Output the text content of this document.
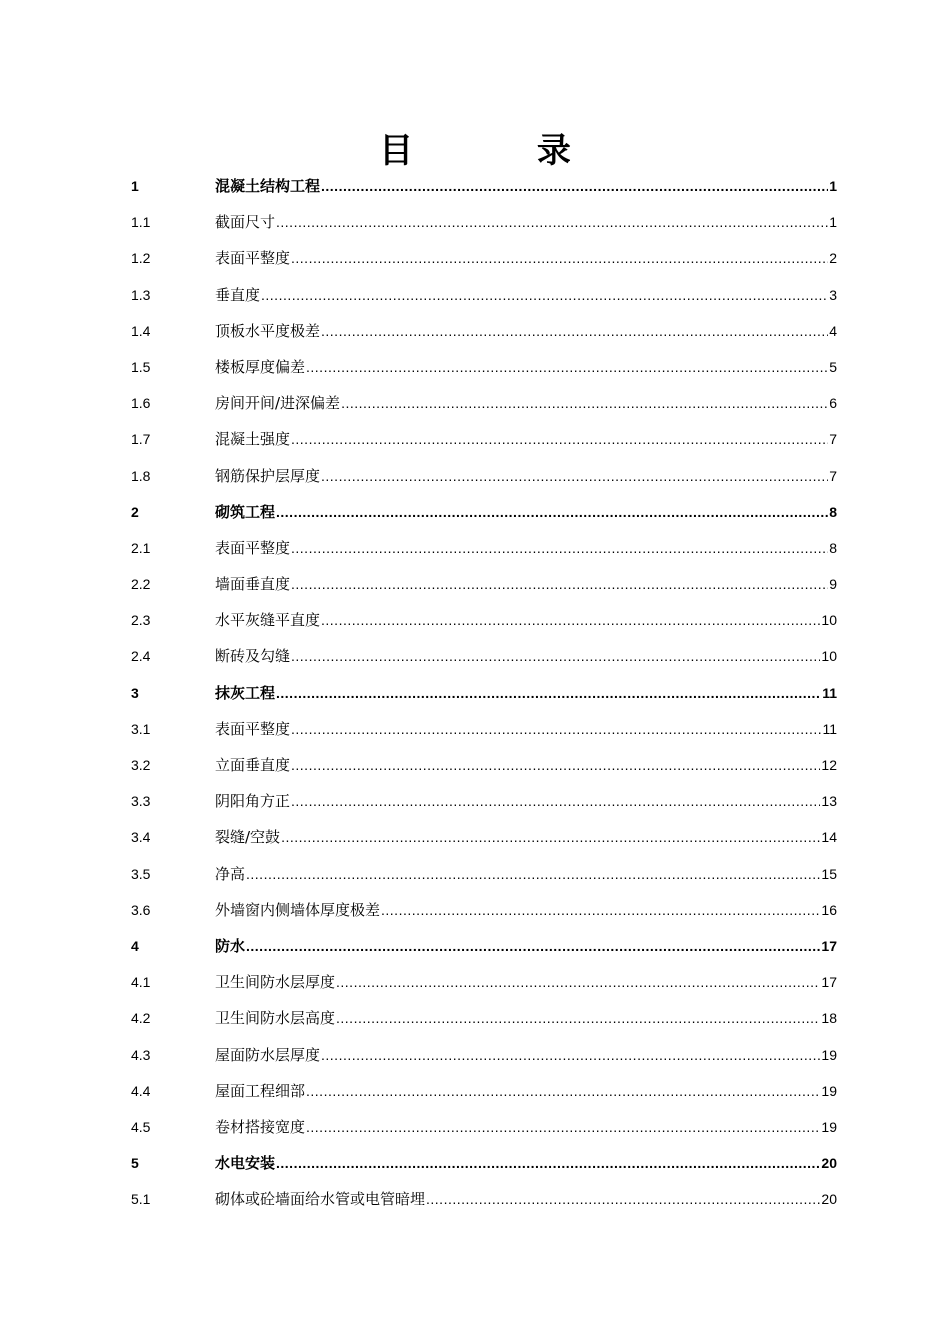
目 录
1	混凝土结构工程 .....	1
1.1	截面尺寸 .....	1
1.2	表面平整度 .....	2
1.3	垂直度 .....	3
1.4	顶板水平度极差 .....	4
1.5	楼板厚度偏差 .....	5
1.6	房间开间/进深偏差 .....	6
1.7	混凝土强度 .....	7
1.8	钢筋保护层厚度 .....	7
2	砌筑工程 .....	8
2.1	表面平整度 .....	8
2.2	墙面垂直度 .....	9
2.3	水平灰缝平直度 .....	10
2.4	断砖及勾缝 .....	10
3	抹灰工程 .....	11
3.1	表面平整度 .....	11
3.2	立面垂直度 .....	12
3.3	阴阳角方正 .....	13
3.4	裂缝/空鼓 .....	14
3.5	净高 .....	15
3.6	外墙窗内侧墙体厚度极差 .....	16
4	防水 .....	17
4.1	卫生间防水层厚度 .....	17
4.2	卫生间防水层高度 .....	18
4.3	屋面防水层厚度 .....	19
4.4	屋面工程细部 .....	19
4.5	卷材搭接宽度 .....	19
5	水电安装 .....	20
5.1	砌体或砼墙面给水管或电管暗埋 .....	20
